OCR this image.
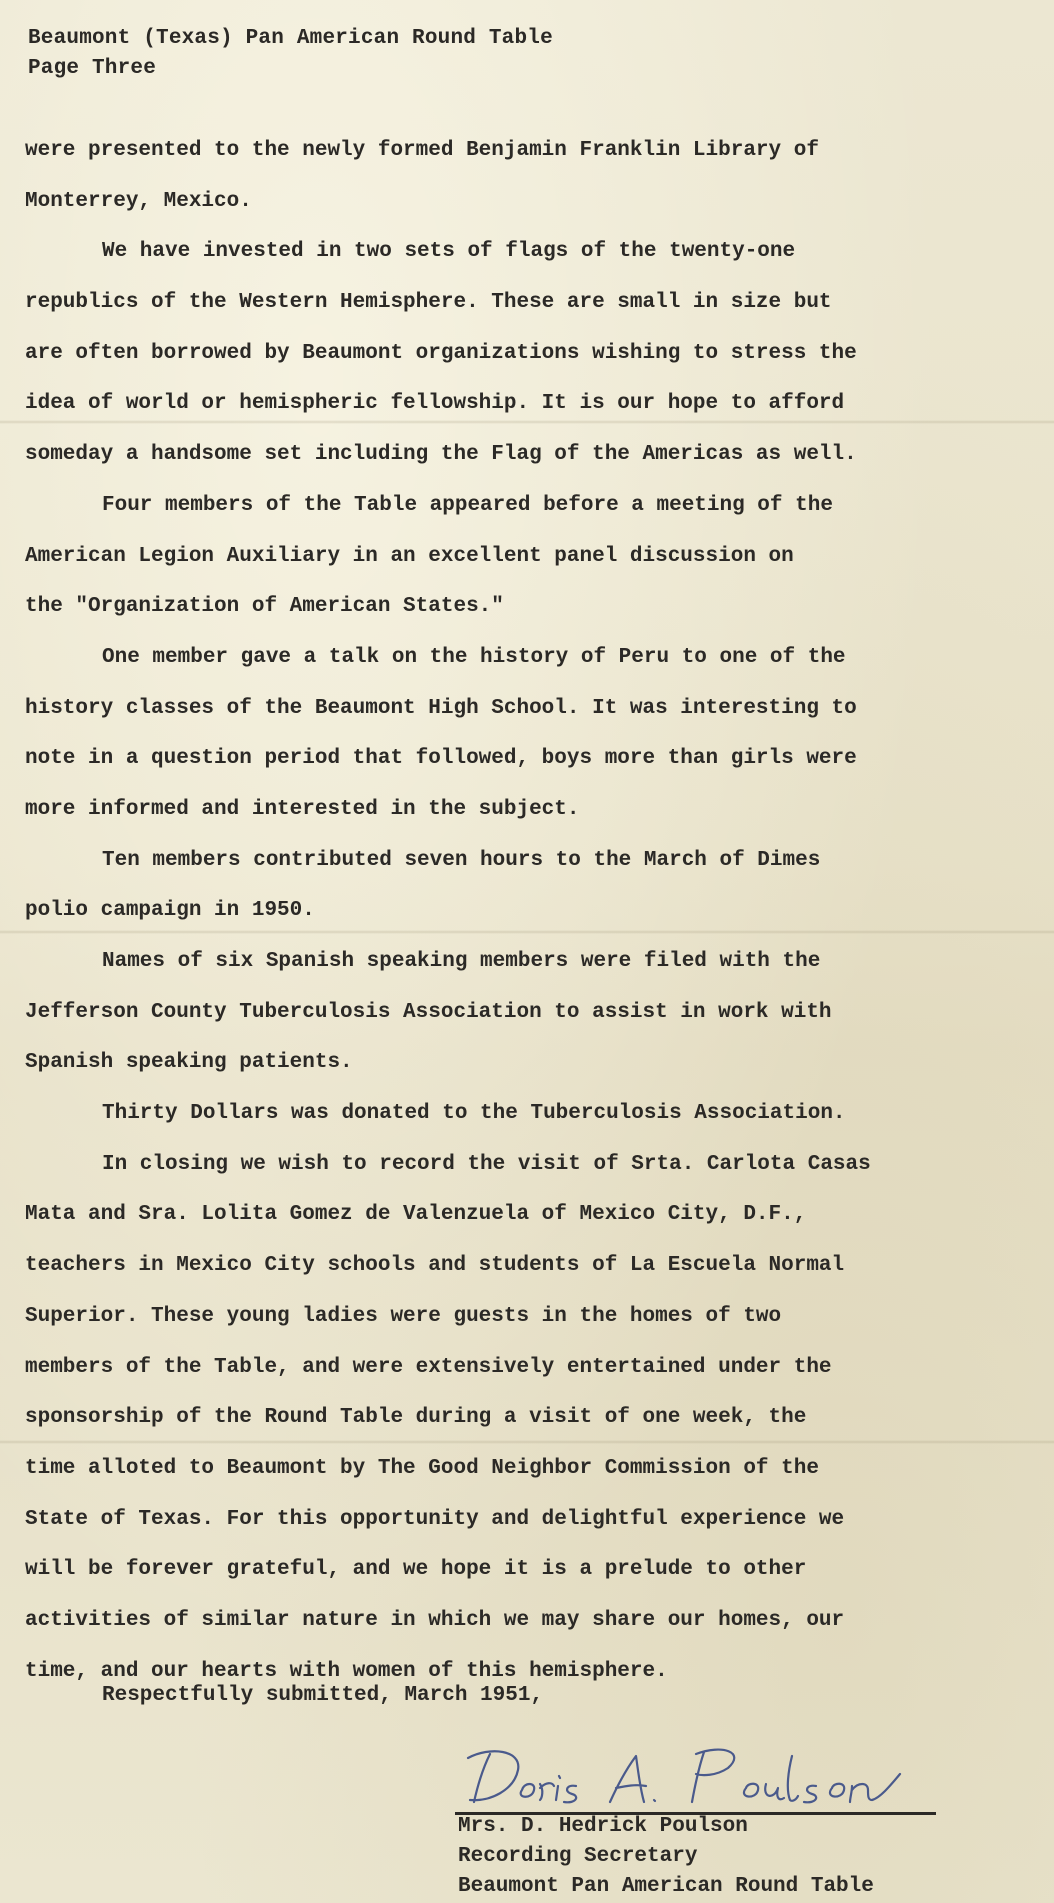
Beaumont (Texas) Pan American Round Table
Page Three
were presented to the newly formed Benjamin Franklin Library of
Monterrey, Mexico.
We have invested in two sets of flags of the twenty-one
republics of the Western Hemisphere. These are small in size but
are often borrowed by Beaumont organizations wishing to stress the
idea of world or hemispheric fellowship. It is our hope to afford
someday a handsome set including the Flag of the Americas as well.
Four members of the Table appeared before a meeting of the
American Legion Auxiliary in an excellent panel discussion on
the "Organization of American States."
One member gave a talk on the history of Peru to one of the
history classes of the Beaumont High School. It was interesting to
note in a question period that followed, boys more than girls were
more informed and interested in the subject.
Ten members contributed seven hours to the March of Dimes
polio campaign in 1950.
Names of six Spanish speaking members were filed with the
Jefferson County Tuberculosis Association to assist in work with
Spanish speaking patients.
Thirty Dollars was donated to the Tuberculosis Association.
In closing we wish to record the visit of Srta. Carlota Casas
Mata and Sra. Lolita Gomez de Valenzuela of Mexico City, D.F.,
teachers in Mexico City schools and students of La Escuela Normal
Superior. These young ladies were guests in the homes of two
members of the Table, and were extensively entertained under the
sponsorship of the Round Table during a visit of one week, the
time alloted to Beaumont by The Good Neighbor Commission of the
State of Texas. For this opportunity and delightful experience we
will be forever grateful, and we hope it is a prelude to other
activities of similar nature in which we may share our homes, our
time, and our hearts with women of this hemisphere.
Respectfully submitted, March 1951,
Mrs. D. Hedrick Poulson
Recording Secretary
Beaumont Pan American Round Table
